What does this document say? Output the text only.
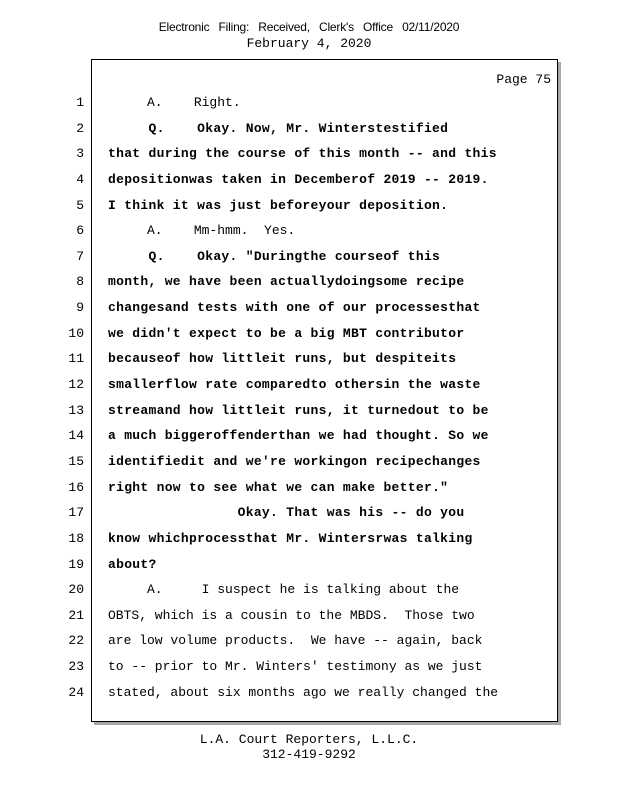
Electronic Filing: Received, Clerk's Office 02/11/2020
February 4, 2020
Page 75
1
2
3
4
5
6
7
8
9
10
11
12
13
14
15
16
17
18
19
20
21
22
23
24
A.    Right.
Q.    Okay. Now, Mr. Winterstestified
that during the course of this month -- and this
depositionwas taken in Decemberof 2019 -- 2019.
I think it was just beforeyour deposition.
A.    Mm-hmm.  Yes.
Q.    Okay. "Duringthe courseof this
month, we have been actuallydoingsome recipe
changesand tests with one of our processesthat
we didn't expect to be a big MBT contributor
becauseof how littleit runs, but despiteits
smallerflow rate comparedto othersin the waste
streamand how littleit runs, it turnedout to be
a much biggeroffenderthan we had thought. So we
identifiedit and we're workingon recipechanges
right now to see what we can make better."
Okay. That was his -- do you
know whichprocessthat Mr. Wintersrwas talking
about?
A.     I suspect he is talking about the
OBTS, which is a cousin to the MBDS.  Those two
are low volume products.  We have -- again, back
to -- prior to Mr. Winters' testimony as we just
stated, about six months ago we really changed the
L.A. Court Reporters, L.L.C.
312-419-9292
